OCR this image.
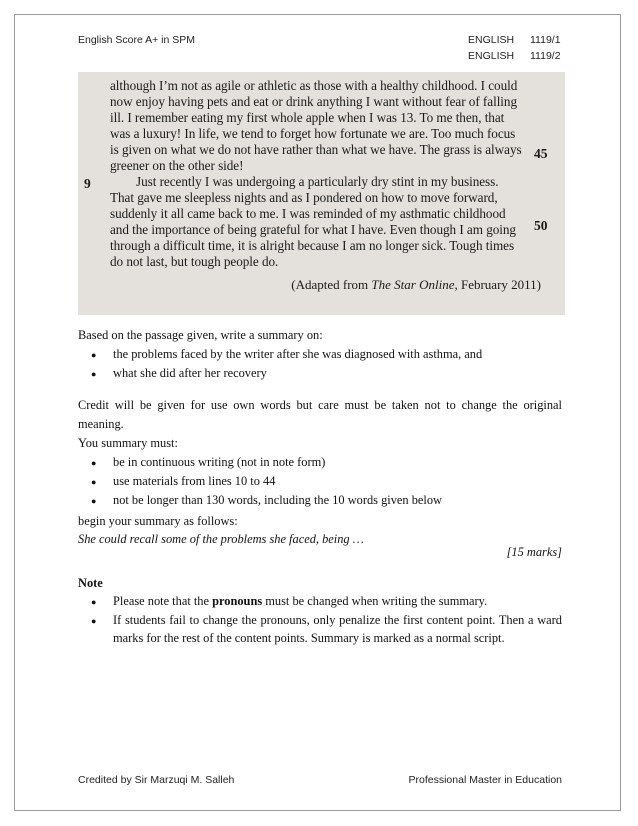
English Score A+ in SPM	ENGLISH 1119/1
ENGLISH 1119/2
although I’m not as agile or athletic as those with a healthy childhood. I could
now enjoy having pets and eat or drink anything I want without fear of falling
ill. I remember eating my first whole apple when I was 13. To me then, that
was a luxury! In life, we tend to forget how fortunate we are. Too much focus
is given on what we do not have rather than what we have. The grass is always
greener on the other side!
Just recently I was undergoing a particularly dry stint in my business.
That gave me sleepless nights and as I pondered on how to move forward,
suddenly it all came back to me. I was reminded of my asthmatic childhood
and the importance of being grateful for what I have. Even though I am going
through a difficult time, it is alright because I am no longer sick. Tough times
do not last, but tough people do.
9
45
50
(Adapted from The Star Online, February 2011)
Based on the passage given, write a summary on:
● the problems faced by the writer after she was diagnosed with asthma, and
● what she did after her recovery
Credit will be given for use own words but care must be taken not to change the original
meaning.
You summary must:
● be in continuous writing (not in note form)
● use materials from lines 10 to 44
● not be longer than 130 words, including the 10 words given below
begin your summary as follows:
She could recall some of the problems she faced, being …
[15 marks]
Note
● Please note that the pronouns must be changed when writing the summary.
● If students fail to change the pronouns, only penalize the first content point. Then a ward
marks for the rest of the content points. Summary is marked as a normal script.
Credited by Sir Marzuqi M. Salleh	Professional Master in Education
